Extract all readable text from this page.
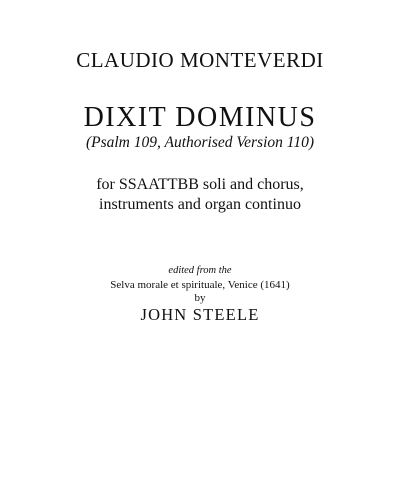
CLAUDIO MONTEVERDI
DIXIT DOMINUS
(Psalm 109, Authorised Version 110)
for SSAATTBB soli and chorus,
instruments and organ continuo
edited from the
Selva morale et spirituale, Venice (1641)
by
JOHN STEELE
